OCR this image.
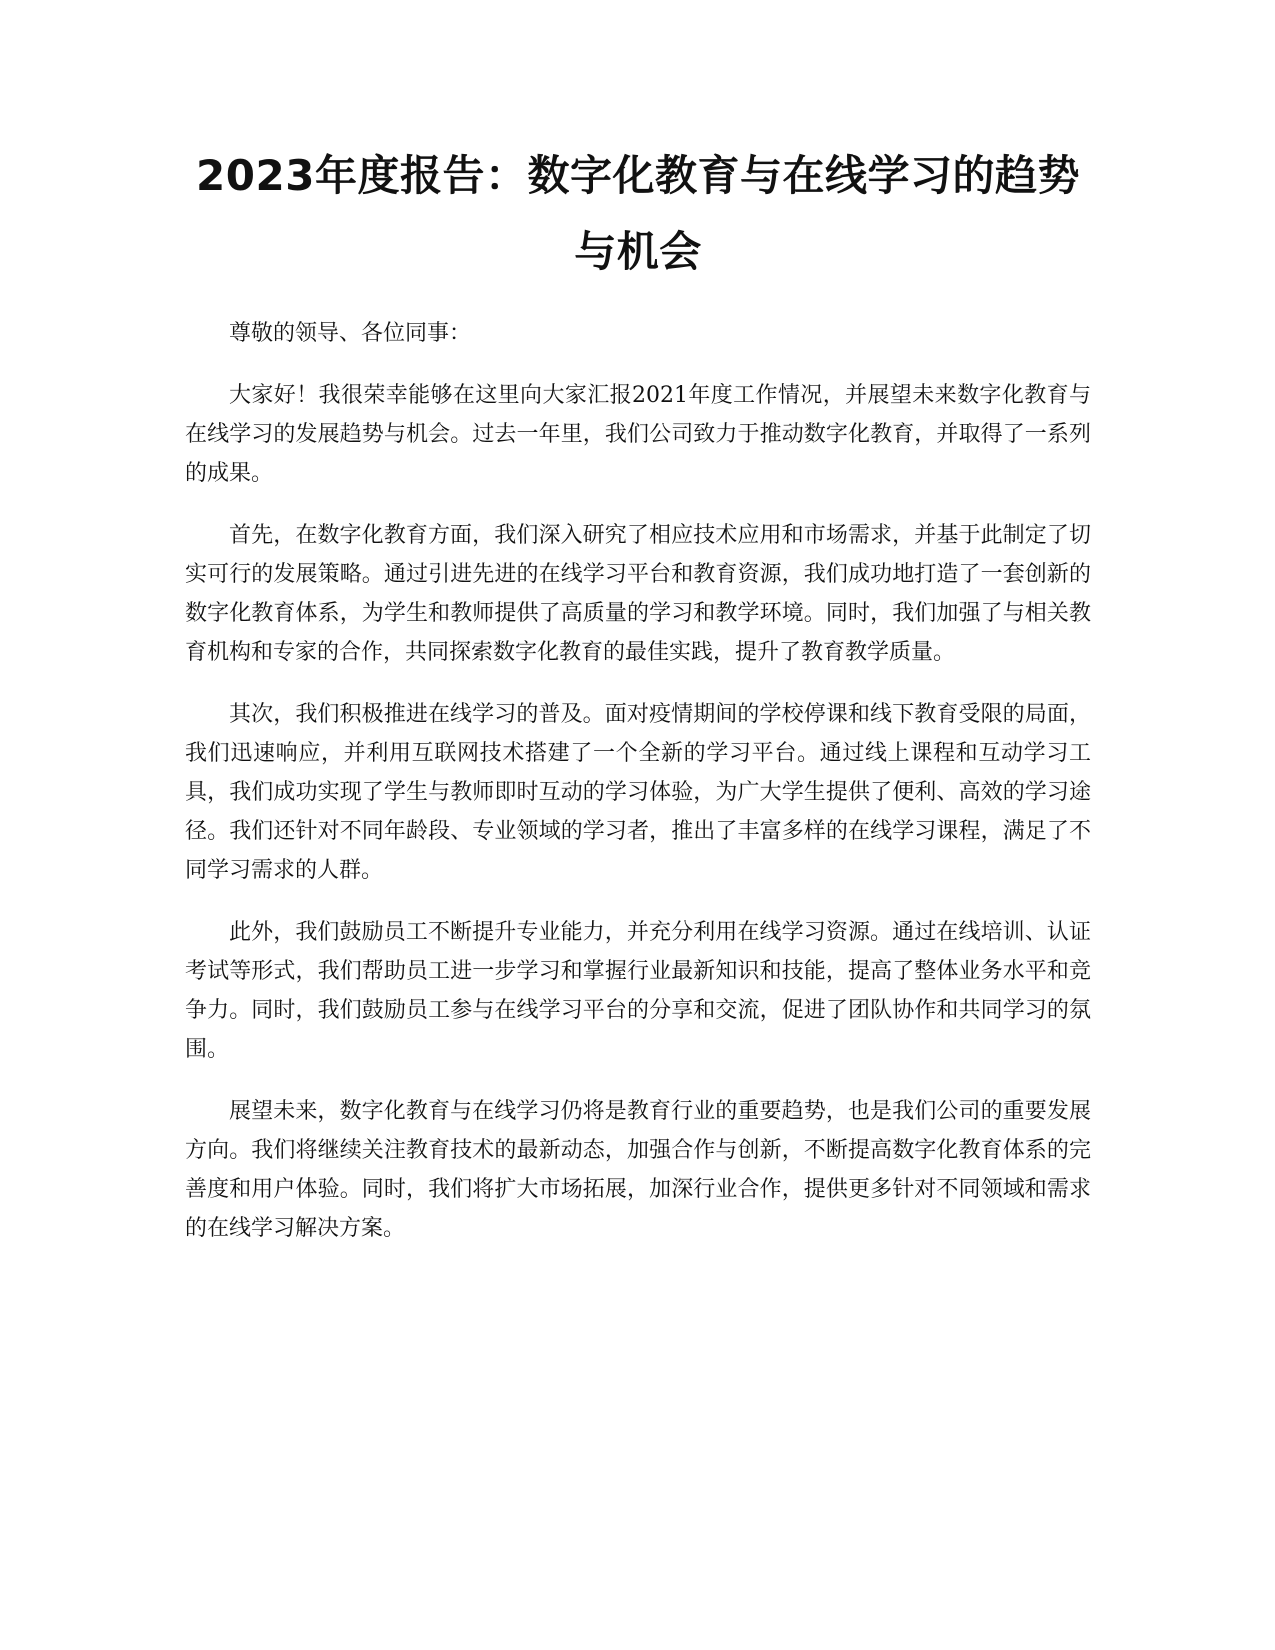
2023年度报告：数字化教育与在线学习的趋势与机会

尊敬的领导、各位同事：

大家好！我很荣幸能够在这里向大家汇报2021年度工作情况，并展望未来数字化教育与在线学习的发展趋势与机会。过去一年里，我们公司致力于推动数字化教育，并取得了一系列的成果。

首先，在数字化教育方面，我们深入研究了相应技术应用和市场需求，并基于此制定了切实可行的发展策略。通过引进先进的在线学习平台和教育资源，我们成功地打造了一套创新的数字化教育体系，为学生和教师提供了高质量的学习和教学环境。同时，我们加强了与相关教育机构和专家的合作，共同探索数字化教育的最佳实践，提升了教育教学质量。

其次，我们积极推进在线学习的普及。面对疫情期间的学校停课和线下教育受限的局面，我们迅速响应，并利用互联网技术搭建了一个全新的学习平台。通过线上课程和互动学习工具，我们成功实现了学生与教师即时互动的学习体验，为广大学生提供了便利、高效的学习途径。我们还针对不同年龄段、专业领域的学习者，推出了丰富多样的在线学习课程，满足了不同学习需求的人群。

此外，我们鼓励员工不断提升专业能力，并充分利用在线学习资源。通过在线培训、认证考试等形式，我们帮助员工进一步学习和掌握行业最新知识和技能，提高了整体业务水平和竞争力。同时，我们鼓励员工参与在线学习平台的分享和交流，促进了团队协作和共同学习的氛围。

展望未来，数字化教育与在线学习仍将是教育行业的重要趋势，也是我们公司的重要发展方向。我们将继续关注教育技术的最新动态，加强合作与创新，不断提高数字化教育体系的完善度和用户体验。同时，我们将扩大市场拓展，加深行业合作，提供更多针对不同领域和需求的在线学习解决方案。
